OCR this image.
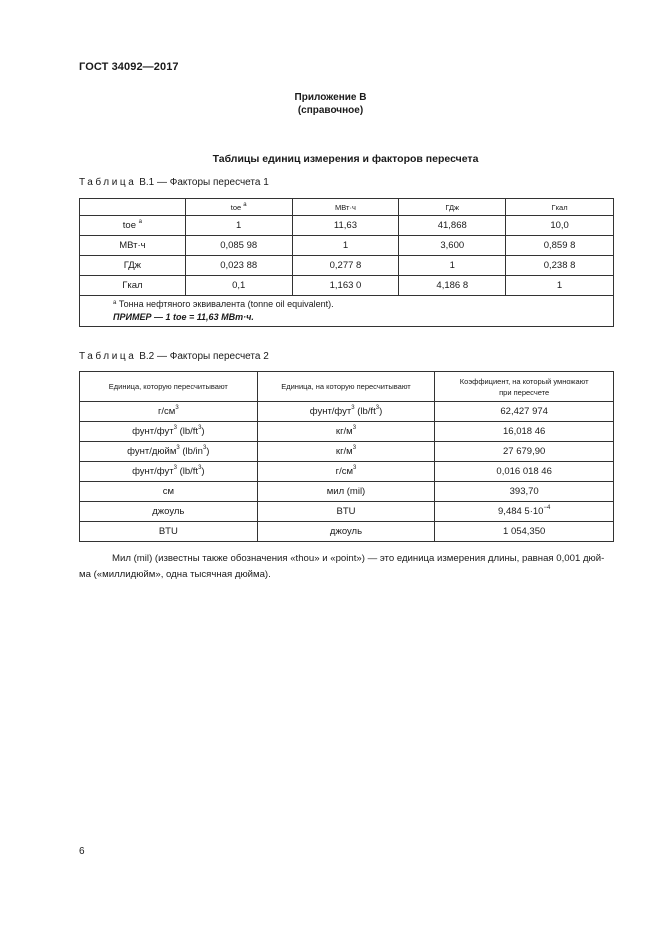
ГОСТ 34092—2017
Приложение В
(справочное)
Таблицы единиц измерения и факторов пересчета
Таблица В.1 — Факторы пересчета 1
	toe $^a$	МВт·ч	ГДж	Гкал
toe $^a$	1	11,63	41,868	10,0
МВт·ч	0,085 98	1	3,600	0,859 8
ГДж	0,023 88	0,277 8	1	0,238 8
Гкал	0,1	1,163 0	4,186 8	1

$^a$ Тонна нефтяного эквивалента (tonne oil equivalent).
ПРИМЕР — 1 toe = 11,63 МВт·ч.				
Таблица В.2 — Факторы пересчета 2
Единица, которую пересчитывают	Единица, на которую пересчитывают	Коэффициент, на который умножают
при пересчете

$г/см^3$	фунт/фут$^3$ $(lb/ft^3)$	62,427 974
фунт/фут$^3$ $(lb/ft^3)$	$кг/м^3$	16,018 46
фунт/дюйм$^3$ $(lb/in^3)$	$кг/м^3$	27 679,90
фунт/фут$^3$ $(lb/ft^3)$	$г/см^3$	0,016 018 46
см	мил (mil)	393,70
джоуль	BTU	9,484 $5\cdot 10^{-4}$
BTU	джоуль	1 054,350
Мил (mil) (известны также обозначения «thou» и «point») — это единица измерения длины, равная 0,001 дюй-
ма («миллидюйм», одна тысячная дюйма).
6
